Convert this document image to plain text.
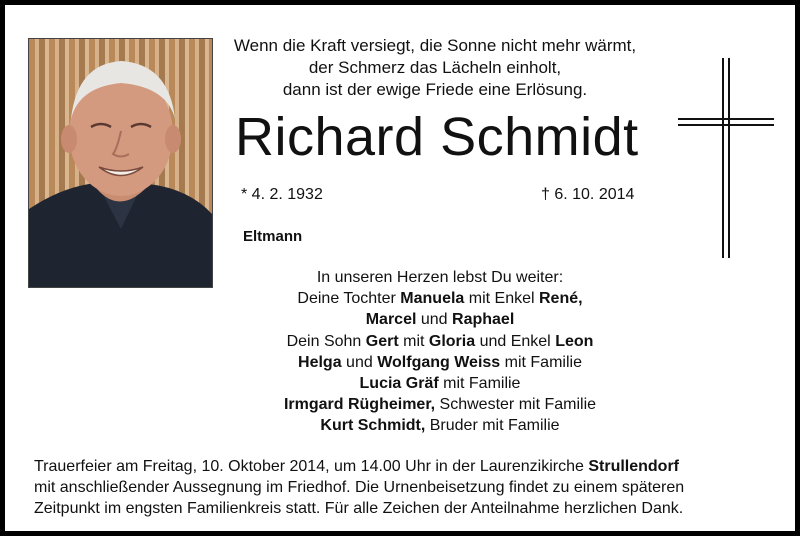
Wenn die Kraft versiegt, die Sonne nicht mehr wärmt,
der Schmerz das Lächeln einholt,
dann ist der ewige Friede eine Erlösung.
Richard Schmidt
* 4. 2. 1932	† 6. 10. 2014
Eltmann
In unseren Herzen lebst Du weiter:
Deine Tochter Manuela mit Enkel René,
Marcel und Raphael
Dein Sohn Gert mit Gloria und Enkel Leon
Helga und Wolfgang Weiss mit Familie
Lucia Gräf mit Familie
Irmgard Rügheimer, Schwester mit Familie
Kurt Schmidt, Bruder mit Familie
Trauerfeier am Freitag, 10. Oktober 2014, um 14.00 Uhr in der Laurenzikirche Strullendorf
mit anschließender Aussegnung im Friedhof. Die Urnenbeisetzung findet zu einem späteren
Zeitpunkt im engsten Familienkreis statt. Für alle Zeichen der Anteilnahme herzlichen Dank.
